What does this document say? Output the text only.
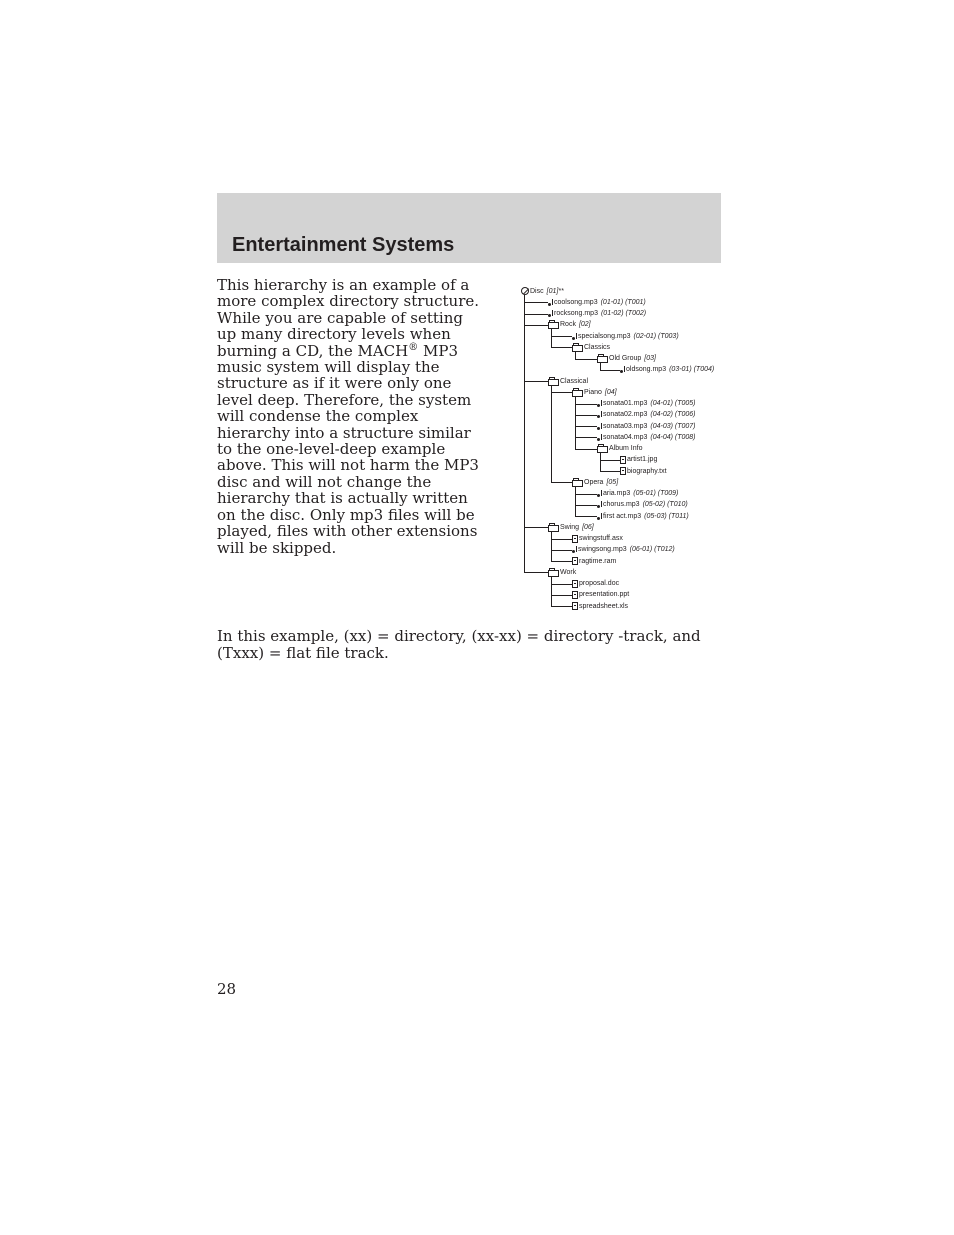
Entertainment Systems

This hierarchy is an example of a more complex directory structure. While you are capable of setting up many directory levels when burning a CD, the MACH® MP3 music system will display the structure as if it were only one level deep. Therefore, the system will condense the complex hierarchy into a structure similar to the one-level-deep example above. This will not harm the MP3 disc and will not change the hierarchy that is actually written on the disc. Only mp3 files will be played, files with other extensions will be skipped.

Disc [01]**
coolsong.mp3 (01-01) (T001)
rocksong.mp3 (01-02) (T002)
Rock [02]
specialsong.mp3 (02-01) (T003)
Classics
Old Group [03]
oldsong.mp3 (03-01) (T004)
Classical
Piano [04]
sonata01.mp3 (04-01) (T005)
sonata02.mp3 (04-02) (T006)
sonata03.mp3 (04-03) (T007)
sonata04.mp3 (04-04) (T008)
Album Info
artist1.jpg
biography.txt
Opera [05]
aria.mp3 (05-01) (T009)
chorus.mp3 (05-02) (T010)
first act.mp3 (05-03) (T011)
Swing [06]
swingstuff.asx
swingsong.mp3 (06-01) (T012)
ragtime.ram
Work
proposal.doc
presentation.ppt
spreadsheet.xls

In this example, (xx) = directory, (xx-xx) = directory -track, and (Txxx) = flat file track.

28
